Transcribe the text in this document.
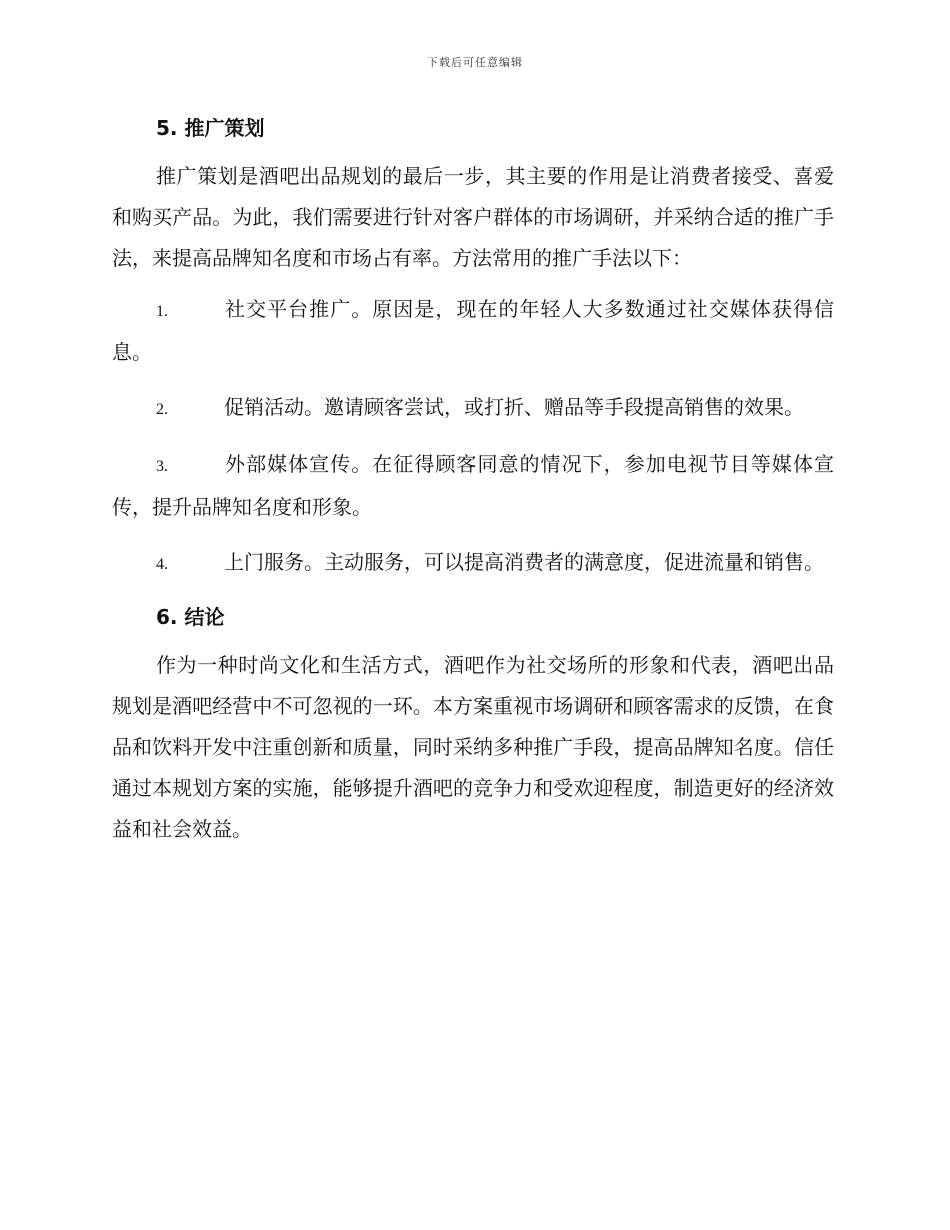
下载后可任意编辑
5. 推广策划

推广策划是酒吧出品规划的最后一步，其主要的作用是让消费者接受、喜爱和购买产品。为此，我们需要进行针对客户群体的市场调研，并采纳合适的推广手法，来提高品牌知名度和市场占有率。方法常用的推广手法以下：

1.	社交平台推广。原因是，现在的年轻人大多数通过社交媒体获得信息。

2.	促销活动。邀请顾客尝试，或打折、赠品等手段提高销售的效果。

3.	外部媒体宣传。在征得顾客同意的情况下，参加电视节目等媒体宣传，提升品牌知名度和形象。

4.	上门服务。主动服务，可以提高消费者的满意度，促进流量和销售。

6. 结论

作为一种时尚文化和生活方式，酒吧作为社交场所的形象和代表，酒吧出品规划是酒吧经营中不可忽视的一环。本方案重视市场调研和顾客需求的反馈，在食品和饮料开发中注重创新和质量，同时采纳多种推广手段，提高品牌知名度。信任通过本规划方案的实施，能够提升酒吧的竞争力和受欢迎程度，制造更好的经济效益和社会效益。
